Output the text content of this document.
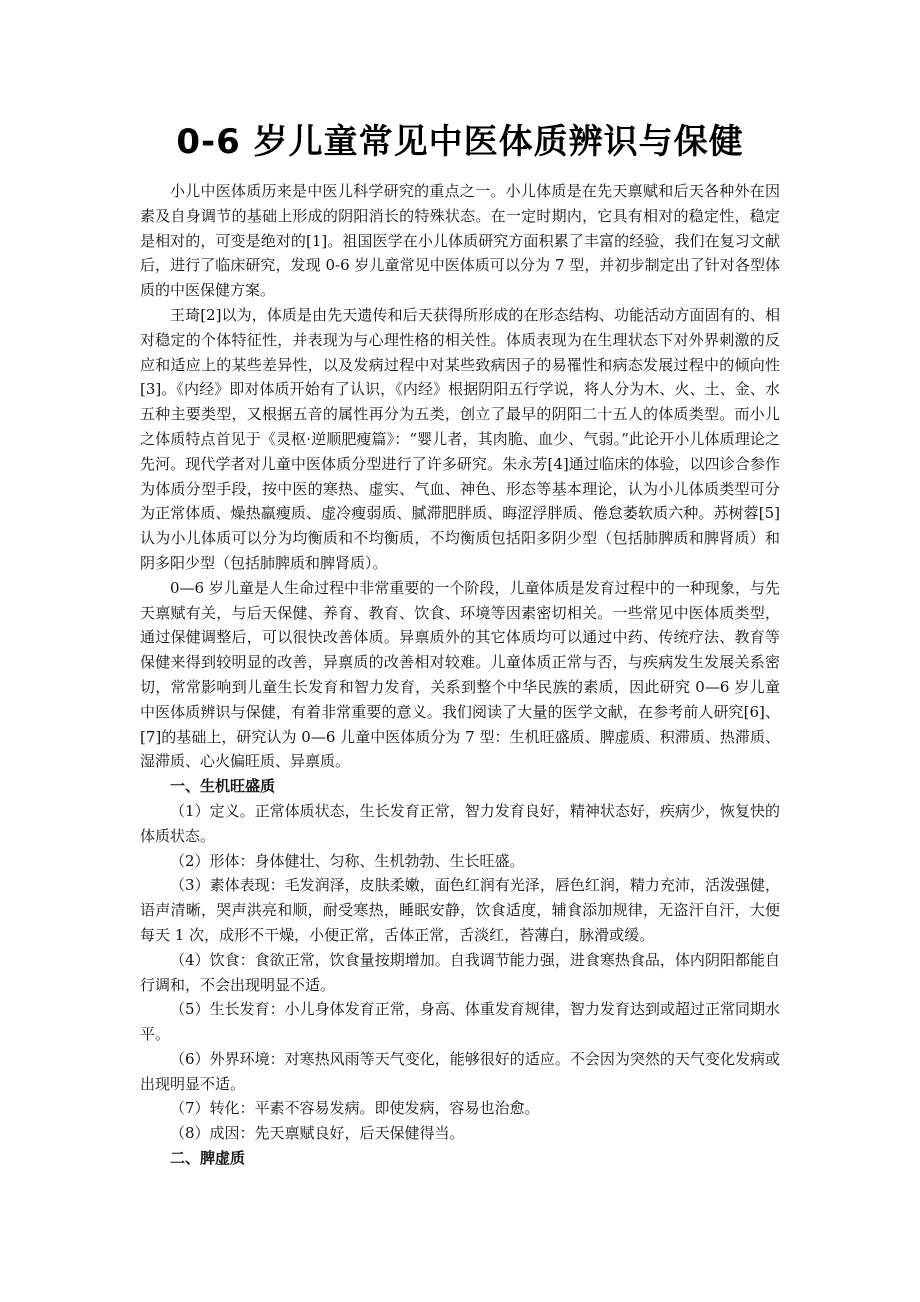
0-6 岁儿童常见中医体质辨识与保健

小儿中医体质历来是中医儿科学研究的重点之一。小儿体质是在先天禀赋和后天各种外在因素及自身调节的基础上形成的阴阳消长的特殊状态。在一定时期内，它具有相对的稳定性，稳定是相对的，可变是绝对的[1]。祖国医学在小儿体质研究方面积累了丰富的经验，我们在复习文献后，进行了临床研究，发现 0-6 岁儿童常见中医体质可以分为 7 型，并初步制定出了针对各型体质的中医保健方案。

王琦[2]以为，体质是由先天遗传和后天获得所形成的在形态结构、功能活动方面固有的、相对稳定的个体特征性，并表现为与心理性格的相关性。体质表现为在生理状态下对外界刺激的反应和适应上的某些差异性，以及发病过程中对某些致病因子的易罹性和病态发展过程中的倾向性[3]。《内经》即对体质开始有了认识，《内经》根据阴阳五行学说，将人分为木、火、土、金、水五种主要类型，又根据五音的属性再分为五类，创立了最早的阴阳二十五人的体质类型。而小儿之体质特点首见于《灵枢·逆顺肥瘦篇》：“婴儿者，其肉脆、血少、气弱。”此论开小儿体质理论之先河。现代学者对儿童中医体质分型进行了许多研究。朱永芳[4]通过临床的体验，以四诊合参作为体质分型手段，按中医的寒热、虚实、气血、神色、形态等基本理论，认为小儿体质类型可分为正常体质、燥热羸瘦质、虚冷瘦弱质、腻滞肥胖质、晦涩浮胖质、倦怠萎软质六种。苏树蓉[5]认为小儿体质可以分为均衡质和不均衡质，不均衡质包括阳多阴少型（包括肺脾质和脾肾质）和阴多阳少型（包括肺脾质和脾肾质）。

0—6 岁儿童是人生命过程中非常重要的一个阶段，儿童体质是发育过程中的一种现象，与先天禀赋有关，与后天保健、养育、教育、饮食、环境等因素密切相关。一些常见中医体质类型，通过保健调整后，可以很快改善体质。异禀质外的其它体质均可以通过中药、传统疗法、教育等保健来得到较明显的改善，异禀质的改善相对较难。儿童体质正常与否，与疾病发生发展关系密切，常常影响到儿童生长发育和智力发育，关系到整个中华民族的素质，因此研究 0—6 岁儿童中医体质辨识与保健，有着非常重要的意义。我们阅读了大量的医学文献，在参考前人研究[6]、[7]的基础上，研究认为 0—6 儿童中医体质分为 7 型：生机旺盛质、脾虚质、积滞质、热滞质、湿滞质、心火偏旺质、异禀质。

一、生机旺盛质

（1）定义。正常体质状态，生长发育正常，智力发育良好，精神状态好，疾病少，恢复快的体质状态。

（2）形体：身体健壮、匀称、生机勃勃、生长旺盛。

（3）素体表现：毛发润泽，皮肤柔嫩，面色红润有光泽，唇色红润，精力充沛，活泼强健，语声清晰，哭声洪亮和顺，耐受寒热，睡眠安静，饮食适度，辅食添加规律，无盗汗自汗，大便每天 1 次，成形不干燥，小便正常，舌体正常，舌淡红，苔薄白，脉滑或缓。

（4）饮食：食欲正常，饮食量按期增加。自我调节能力强，进食寒热食品，体内阴阳都能自行调和，不会出现明显不适。

（5）生长发育：小儿身体发育正常，身高、体重发育规律，智力发育达到或超过正常同期水平。

（6）外界环境：对寒热风雨等天气变化，能够很好的适应。不会因为突然的天气变化发病或出现明显不适。

（7）转化：平素不容易发病。即使发病，容易也治愈。

（8）成因：先天禀赋良好，后天保健得当。

二、脾虚质
